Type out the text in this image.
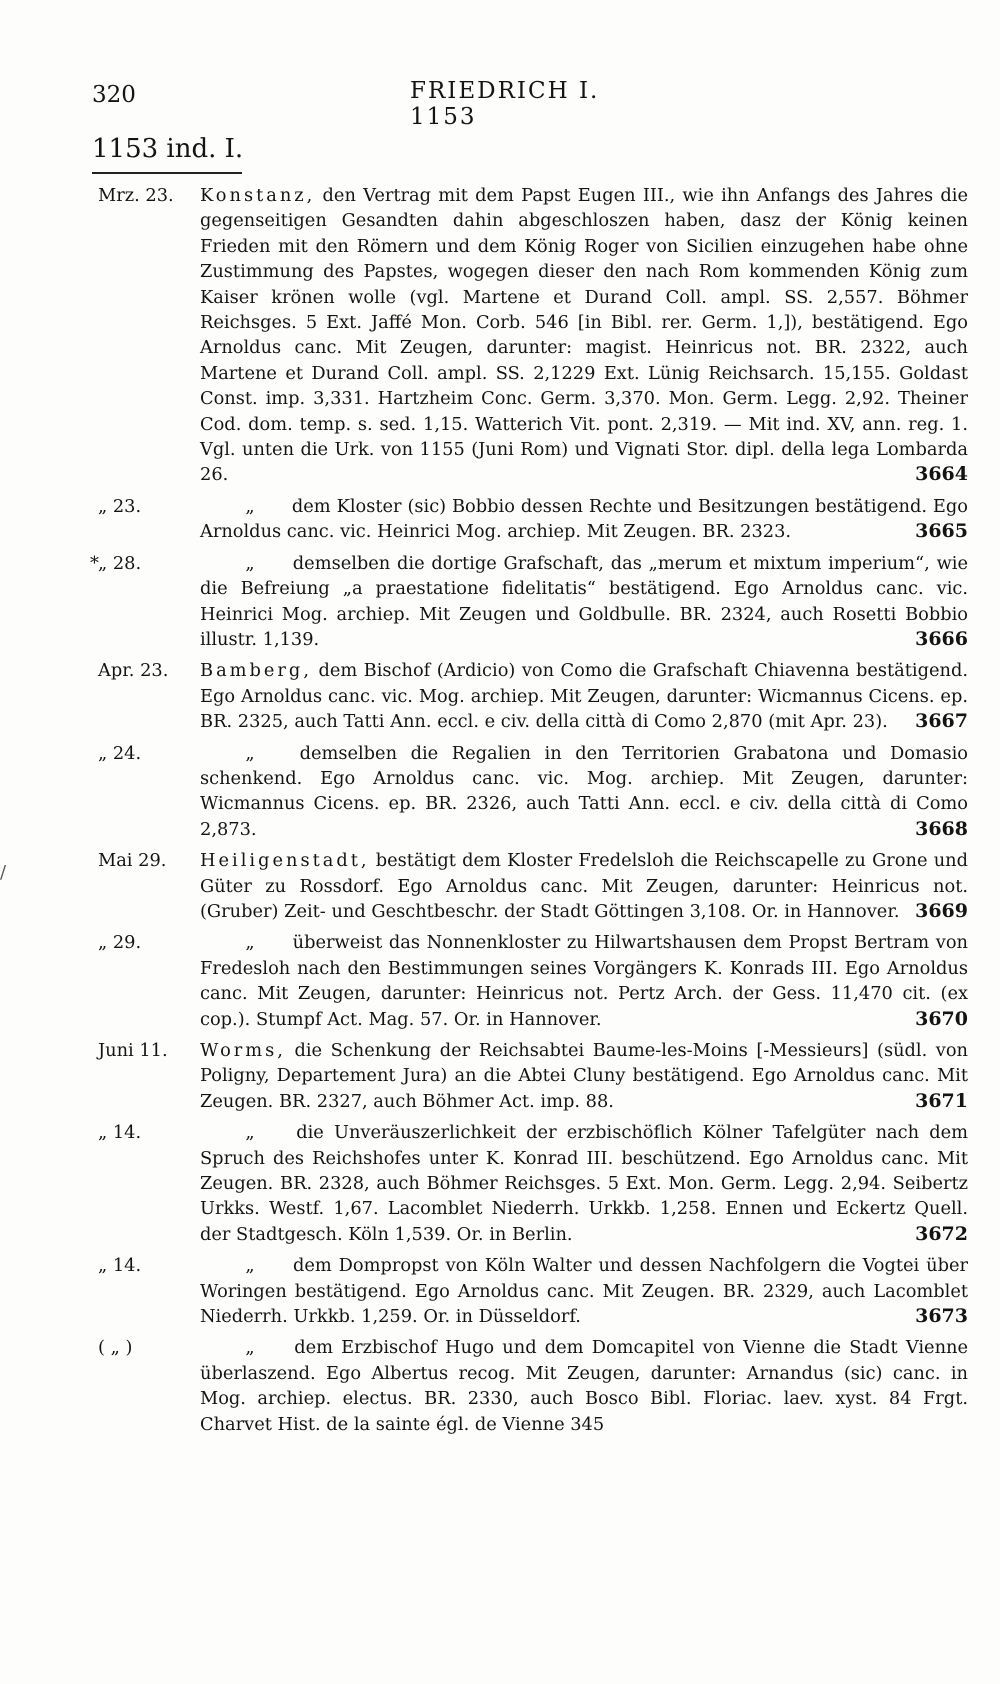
320	FRIEDRICH I. 1153
1153 ind. I.
/
Mrz. 23.	Konstanz, den Vertrag mit dem Papst Eugen III., wie ihn Anfangs des Jahres die gegenseitigen Gesandten dahin abgeschloszen haben, dasz der König keinen Frieden mit den Römern und dem König Roger von Sicilien einzugehen habe ohne Zustimmung des Papstes, wogegen dieser den nach Rom kommenden König zum Kaiser krönen wolle (vgl. Martene et Durand Coll. ampl. SS. 2,557. Böhmer Reichsges. 5 Ext. Jaffé Mon. Corb. 546 [in Bibl. rer. Germ. 1,]), bestätigend. Ego Arnoldus canc. Mit Zeugen, darunter: magist. Heinricus not. BR. 2322, auch Martene et Durand Coll. ampl. SS. 2,1229 Ext. Lünig Reichsarch. 15,155. Goldast Const. imp. 3,331. Hartzheim Conc. Germ. 3,370. Mon. Germ. Legg. 2,92. Theiner Cod. dom. temp. s. sed. 1,15. Watterich Vit. pont. 2,319. — Mit ind. XV, ann. reg. 1. Vgl. unten die Urk. von 1155 (Juni Rom) und Vignati Stor. dipl. della lega Lombarda 26.	3664
„ 23.	„ dem Kloster (sic) Bobbio dessen Rechte und Besitzungen bestätigend. Ego Arnoldus canc. vic. Heinrici Mog. archiep. Mit Zeugen. BR. 2323.	3665
* „ 28.	„ demselben die dortige Grafschaft, das „merum et mixtum imperium“, wie die Befreiung „a praestatione fidelitatis“ bestätigend. Ego Arnoldus canc. vic. Heinrici Mog. archiep. Mit Zeugen und Goldbulle. BR. 2324, auch Rosetti Bobbio illustr. 1,139.	3666
Apr. 23.	Bamberg, dem Bischof (Ardicio) von Como die Grafschaft Chiavenna bestätigend. Ego Arnoldus canc. vic. Mog. archiep. Mit Zeugen, darunter: Wicmannus Cicens. ep. BR. 2325, auch Tatti Ann. eccl. e civ. della città di Como 2,870 (mit Apr. 23). 3667
„ 24.	„	demselben die Regalien in den Territorien Grabatona und Domasio schenkend. Ego Arnoldus canc. vic. Mog. archiep. Mit Zeugen, darunter: Wicmannus Cicens. ep. BR. 2326, auch Tatti Ann. eccl. e civ. della città di Como 2,873.	3668
Mai 29.	Heiligenstadt, bestätigt dem Kloster Fredelsloh die Reichscapelle zu Grone und Güter zu Rossdorf. Ego Arnoldus canc. Mit Zeugen, darunter: Heinricus not. (Gruber) Zeit- und Geschtbeschr. der Stadt Göttingen 3,108. Or. in Hannover. 3669
„ 29.	„ überweist das Nonnenkloster zu Hilwartshausen dem Propst Bertram von Fredesloh nach den Bestimmungen seines Vorgängers K. Konrads III. Ego Arnoldus canc. Mit Zeugen, darunter: Heinricus not. Pertz Arch. der Gess. 11,470 cit. (ex cop.). Stumpf Act. Mag. 57. Or. in Hannover.	3670
Juni 11.	Worms, die Schenkung der Reichsabtei Baume-les-Moins [-Messieurs] (südl. von Poligny, Departement Jura) an die Abtei Cluny bestätigend. Ego Arnoldus canc. Mit Zeugen. BR. 2327, auch Böhmer Act. imp. 88.	3671
„ 14.	„ die Unveräuszerlichkeit der erzbischöflich Kölner Tafelgüter nach dem Spruch des Reichshofes unter K. Konrad III. beschützend. Ego Arnoldus canc. Mit Zeugen. BR. 2328, auch Böhmer Reichsges. 5 Ext. Mon. Germ. Legg. 2,94. Seibertz Urkks. Westf. 1,67. Lacomblet Niederrh. Urkkb. 1,258. Ennen und Eckertz Quell. der Stadtgesch. Köln 1,539. Or. in Berlin.	3672
„ 14.	„ dem Dompropst von Köln Walter und dessen Nachfolgern die Vogtei über Woringen bestätigend. Ego Arnoldus canc. Mit Zeugen. BR. 2329, auch Lacomblet Niederrh. Urkkb. 1,259. Or. in Düsseldorf.	3673
( „ )	„ dem Erzbischof Hugo und dem Domcapitel von Vienne die Stadt Vienne überlaszend. Ego Albertus recog. Mit Zeugen, darunter: Arnandus (sic) canc. in Mog. archiep. electus. BR. 2330, auch Bosco Bibl. Floriac. laev. xyst. 84 Frgt. Charvet Hist. de la sainte égl. de Vienne 345
